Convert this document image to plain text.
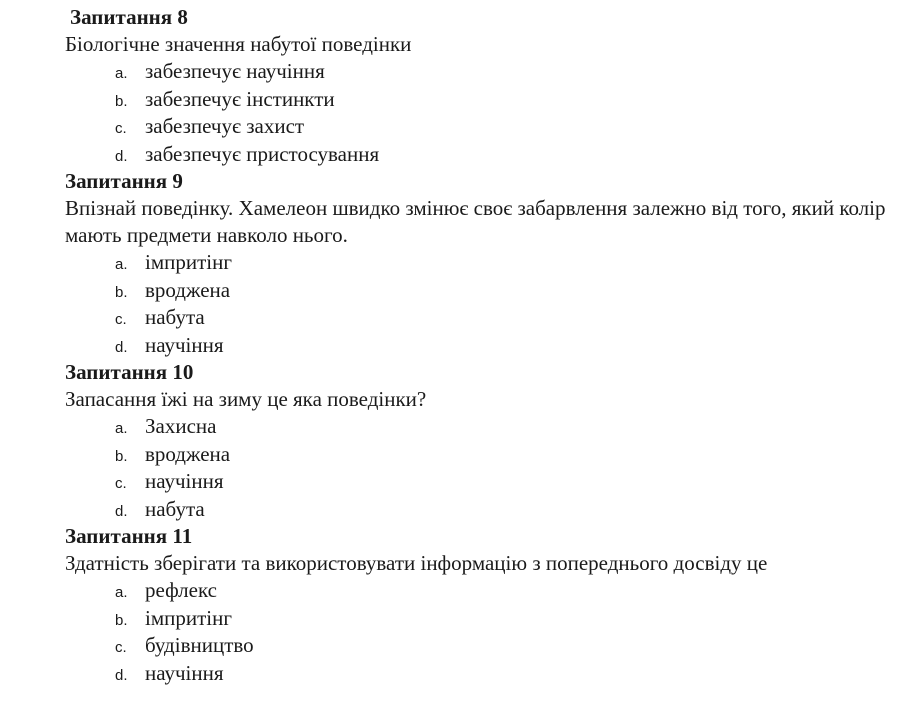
Запитання 8
Біологічне значення набутої поведінки
a. забезпечує научіння
b. забезпечує інстинкти
c. забезпечує захист
d. забезпечує пристосування
Запитання 9
Впізнай поведінку. Хамелеон швидко змінює своє забарвлення залежно від того, який колір мають предмети навколо нього.
a. імпритінг
b. вроджена
c. набута
d. научіння
Запитання 10
Запасання їжі на зиму це яка поведінки?
a. Захисна
b. вроджена
c. научіння
d. набута
Запитання 11
Здатність зберігати та використовувати інформацію з попереднього досвіду це
a. рефлекс
b. імпритінг
c. будівництво
d. научіння
